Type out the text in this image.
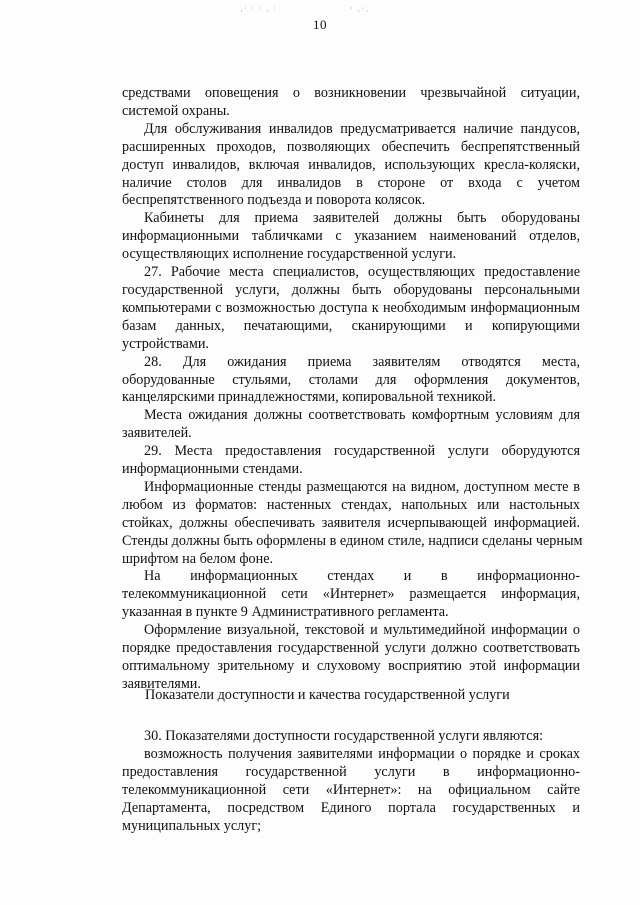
·˙ ˙ ˙ · ˙	˙ ·˙·
10
средствами оповещения о возникновении чрезвычайной ситуации,
системой охраны.
Для обслуживания инвалидов предусматривается наличие пандусов,
расширенных проходов, позволяющих обеспечить беспрепятственный
доступ инвалидов, включая инвалидов, использующих кресла-коляски,
наличие столов для инвалидов в стороне от входа с учетом
беспрепятственного подъезда и поворота колясок.
Кабинеты для приема заявителей должны быть оборудованы
информационными табличками с указанием наименований отделов,
осуществляющих исполнение государственной услуги.
27. Рабочие места специалистов, осуществляющих предоставление
государственной услуги, должны быть оборудованы персональными
компьютерами с возможностью доступа к необходимым информационным
базам данных, печатающими, сканирующими и копирующими
устройствами.
28. Для ожидания приема заявителям отводятся места,
оборудованные стульями, столами для оформления документов,
канцелярскими принадлежностями, копировальной техникой.
Места ожидания должны соответствовать комфортным условиям для
заявителей.
29. Места предоставления государственной услуги оборудуются
информационными стендами.
Информационные стенды размещаются на видном, доступном месте в
любом из форматов: настенных стендах, напольных или настольных
стойках, должны обеспечивать заявителя исчерпывающей информацией.
Стенды должны быть оформлены в едином стиле, надписи сделаны черным
шрифтом на белом фоне.
На информационных стендах и в информационно-
телекоммуникационной сети «Интернет» размещается информация,
указанная в пункте 9 Административного регламента.
Оформление визуальной, текстовой и мультимедийной информации о
порядке предоставления государственной услуги должно соответствовать
оптимальному зрительному и слуховому восприятию этой информации
заявителями.
Показатели доступности и качества государственной услуги
30. Показателями доступности государственной услуги являются:
возможность получения заявителями информации о порядке и сроках
предоставления государственной услуги в информационно-
телекоммуникационной сети «Интернет»: на официальном сайте
Департамента, посредством Единого портала государственных и
муниципальных услуг;
